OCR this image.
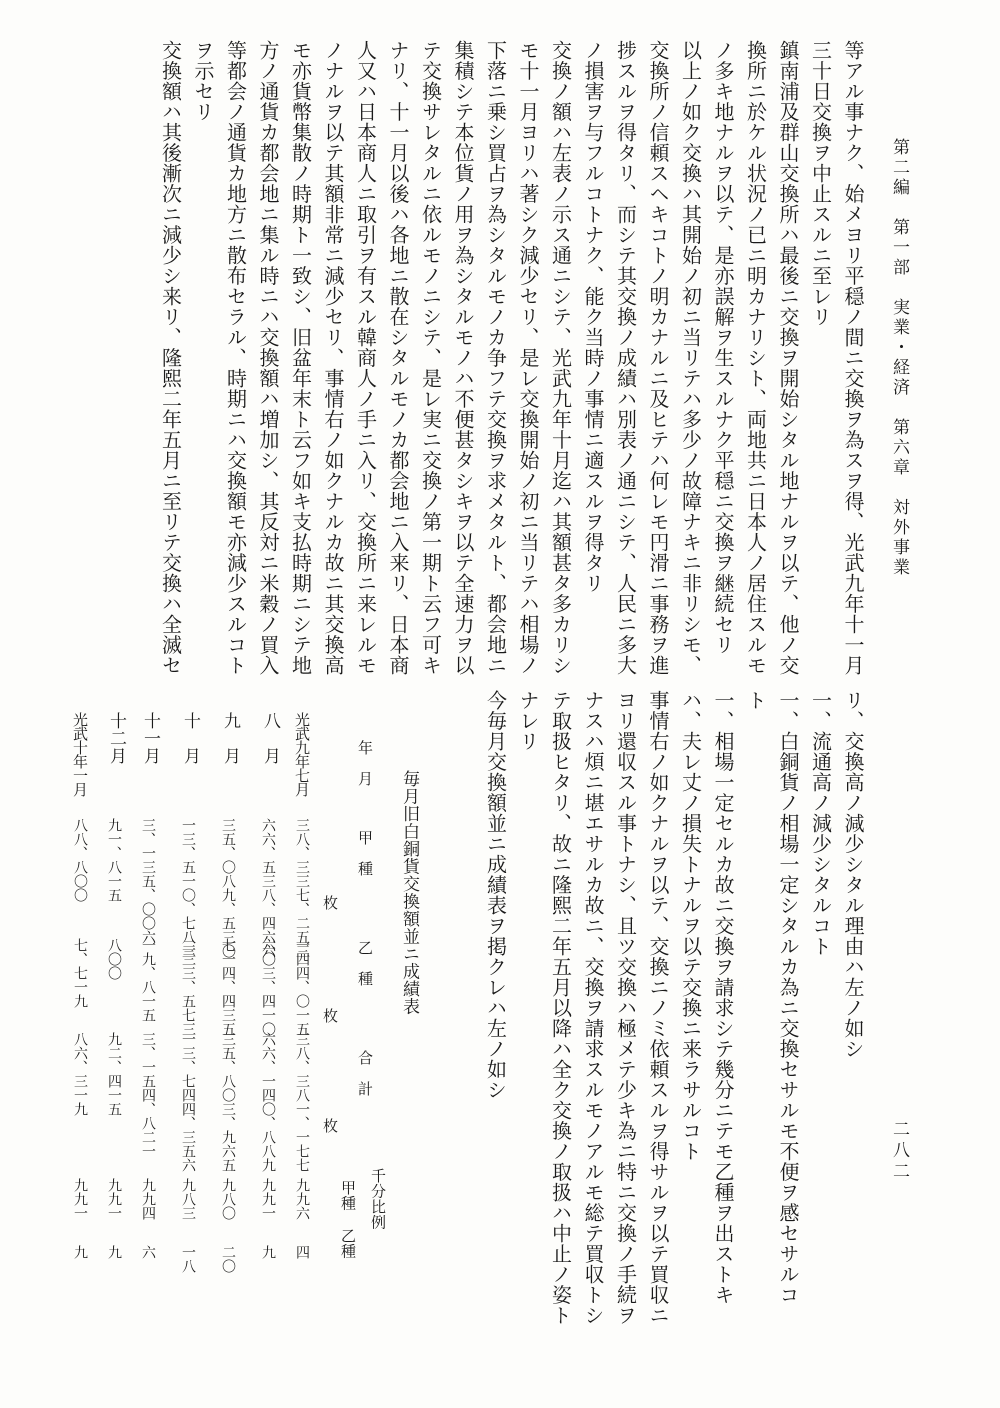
第二編　第一部　実業・経済　第六章　対外事業
二八二
等アル事ナク、始メヨリ平穏ノ間ニ交換ヲ為スヲ得、光武九年十一月
三十日交換ヲ中止スルニ至レリ
鎮南浦及群山交換所ハ最後ニ交換ヲ開始シタル地ナルヲ以テ、他ノ交
換所ニ於ケル状況ノ已ニ明カナリシト、両地共ニ日本人ノ居住スルモ
ノ多キ地ナルヲ以テ、是亦誤解ヲ生スルナク平穏ニ交換ヲ継続セリ
以上ノ如ク交換ハ其開始ノ初ニ当リテハ多少ノ故障ナキニ非リシモ、
交換所ノ信頼スヘキコトノ明カナルニ及ヒテハ何レモ円滑ニ事務ヲ進
捗スルヲ得タリ、而シテ其交換ノ成績ハ別表ノ通ニシテ、人民ニ多大
ノ損害ヲ与フルコトナク、能ク当時ノ事情ニ適スルヲ得タリ
交換ノ額ハ左表ノ示ス通ニシテ、光武九年十月迄ハ其額甚タ多カリシ
モ十一月ヨリハ著シク減少セリ、是レ交換開始ノ初ニ当リテハ相場ノ
下落ニ乗シ買占ヲ為シタルモノカ争フテ交換ヲ求メタルト、都会地ニ
集積シテ本位貨ノ用ヲ為シタルモノハ不便甚タシキヲ以テ全速力ヲ以
テ交換サレタルニ依ルモノニシテ、是レ実ニ交換ノ第一期ト云フ可キ
ナリ、十一月以後ハ各地ニ散在シタルモノカ都会地ニ入来リ、日本商
人又ハ日本商人ニ取引ヲ有スル韓商人ノ手ニ入リ、交換所ニ来レルモ
ノナルヲ以テ其額非常ニ減少セリ、事情右ノ如クナルカ故ニ其交換高
モ亦貨幣集散ノ時期ト一致シ、旧盆年末ト云フ如キ支払時期ニシテ地
方ノ通貨カ都会地ニ集ル時ニハ交換額ハ増加シ、其反対ニ米穀ノ買入
等都会ノ通貨カ地方ニ散布セラル、時期ニハ交換額モ亦減少スルコト
ヲ示セリ
交換額ハ其後漸次ニ減少シ来リ、隆熙二年五月ニ至リテ交換ハ全滅セ
リ、交換高ノ減少シタル理由ハ左ノ如シ
一、流通高ノ減少シタルコト
一、白銅貨ノ相場一定シタルカ為ニ交換セサルモ不便ヲ感セサルコ
ト
一、相場一定セルカ故ニ交換ヲ請求シテ幾分ニテモ乙種ヲ出ストキ
ハ、夫レ丈ノ損失トナルヲ以テ交換ニ来ラサルコト
事情右ノ如クナルヲ以テ、交換ニノミ依頼スルヲ得サルヲ以テ買収ニ
ヨリ還収スル事トナシ、且ツ交換ハ極メテ少キ為ニ特ニ交換ノ手続ヲ
ナスハ煩ニ堪エサルカ故ニ、交換ヲ請求スルモノアルモ総テ買収トシ
テ取扱ヒタリ、故ニ隆熙二年五月以降ハ全ク交換ノ取扱ハ中止ノ姿ト
ナレリ
今毎月交換額並ニ成績表ヲ掲クレハ左ノ如シ
毎月旧白銅貨交換額並ニ成績表
千分比例
年　月
甲　種
乙　種
合　計
甲種
乙種
枚
枚
枚
光武九年七月
三八、三三七、二五三
一四四、〇一五
三八、三八一、一七七
九九六
四
八　月
六六、五三八、四六六
六〇三、四一〇
六六、一四〇、八八九
九九一
九
九　月
三五、〇八九、五三〇
七一四、四三五
三五、八〇三、九六五
九八〇
二〇
十　月
一三、五一〇、七八三
二三三、五七三
一三、七四四、三五六
九八三
一八
十一月
三、一三五、〇〇六
一九、八一五
三、一五四、八二一
九九四
六
十二月
九一、八一五
八〇〇
九二、四一五
九九一
九
光武十年一月
八八、八〇〇
七、七一九
八六、三一九
九九一
九
